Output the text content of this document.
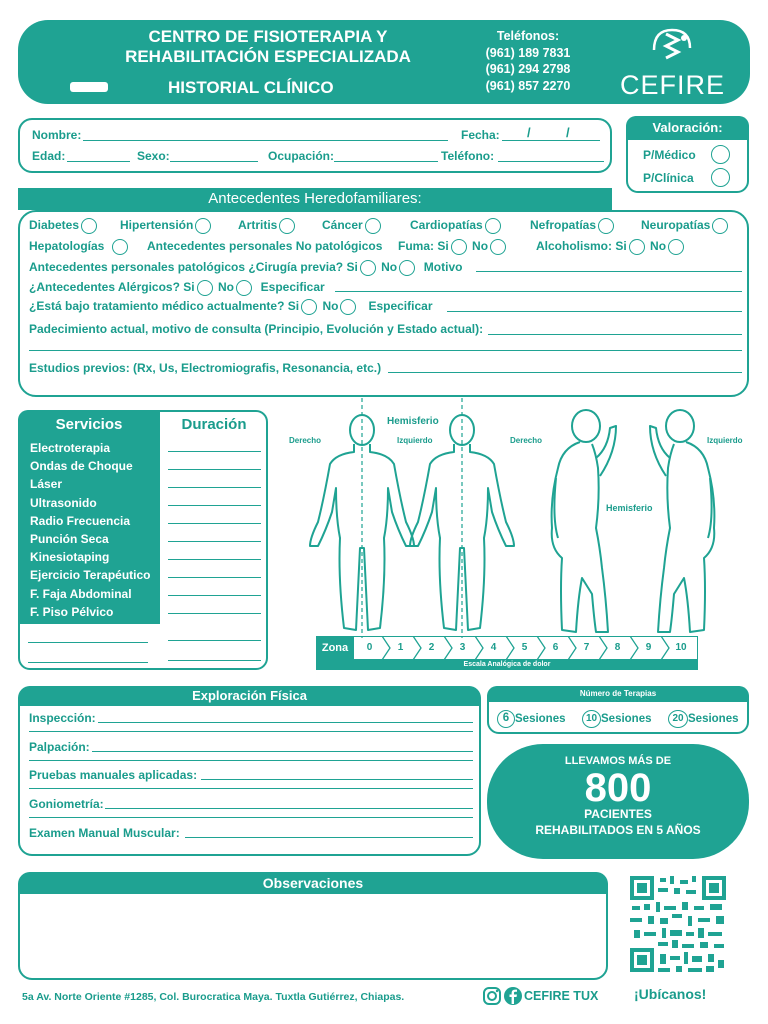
CENTRO DE FISIOTERAPIA Y
REHABILITACIÓN ESPECIALIZADA
HISTORIAL CLÍNICO
Teléfonos:
(961) 189 7831
(961) 294 2798
(961) 857 2270 CEFIRE
Nombre:	Fecha: /	/
Edad:	Sexo:	Ocupación:	Teléfono:
Valoración:
P/Médico
P/Clínica
Antecedentes Heredofamiliares:
Diabetes	Hipertensión	Artritis	Cáncer	Cardiopatías	Nefropatías	Neuropatías
Hepatologías	Antecedentes personales No patológicos Fuma: Si No	Alcoholismo: Si No
Antecedentes personales patológicos ¿Cirugía previa? Si No Motivo
¿Antecedentes Alérgicos? Si No Especificar
¿Está bajo tratamiento médico actualmente? Si No	Especificar
Padecimiento actual, motivo de consulta (Principio, Evolución y Estado actual):
Estudios previos: (Rx, Us, Electromiografis, Resonancia, etc.)
Servicios	Duración
Electroterapia
Ondas de Choque
Láser
Ultrasonido
Radio Frecuencia
Punción Seca
Kinesiotaping
Ejercicio Terapéutico
F. Faja Abdominal
F. Piso Pélvico
Hemisferio
Derecho	Izquierdo	Derecho	Izquierdo
Hemisferio
Zona	0	1	2	3	4	5	6	7	8	9	10
Escala Analógica de dolor
Exploración Física
Inspección:
Palpación:
Pruebas manuales aplicadas:
Goniometría:
Examen Manual Muscular:
Número de Terapias
6 Sesiones	10 Sesiones	20 Sesiones
LLEVAMOS MÁS DE
800
PACIENTES
REHABILITADOS EN 5 AÑOS
Observaciones
5a Av. Norte Oriente #1285, Col. Burocratica Maya. Tuxtla Gutiérrez, Chiapas.	CEFIRE TUX	¡Ubícanos!
